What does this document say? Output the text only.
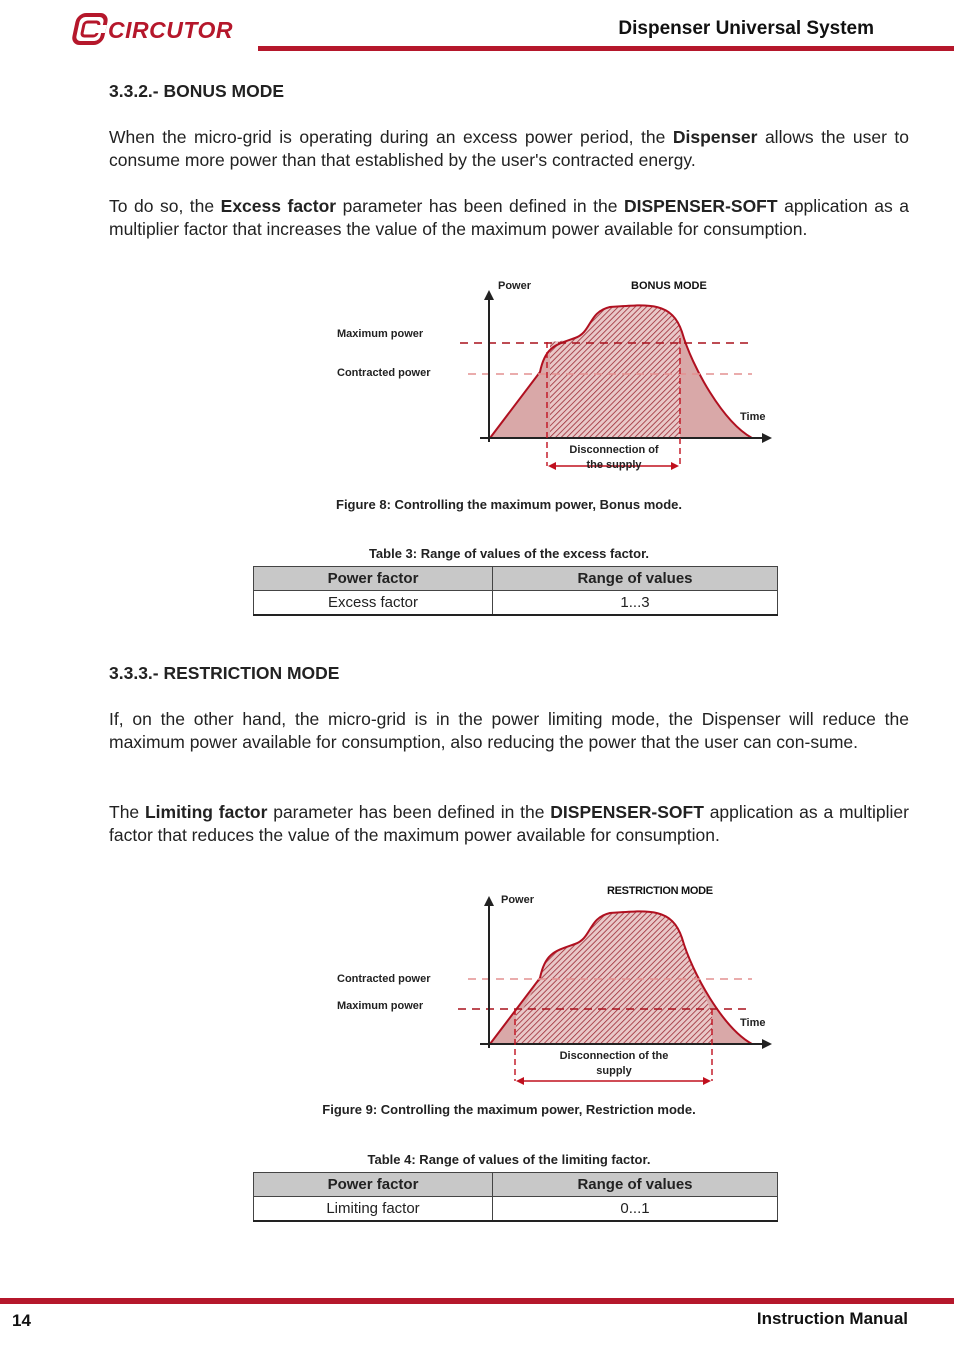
CIRCUTOR	Dispenser Universal System
3.3.2.- BONUS MODE

When the micro-grid is operating during an excess power period, the Dispenser allows the user to consume more power than that established by the user's contracted energy.

To do so, the Excess factor parameter has been defined in the DISPENSER-SOFT application as a multiplier factor that increases the value of the maximum power available for consumption.

Power	BONUS MODE
Maximum power
Contracted power
Time
Disconnection of
the supply
Figure 8: Controlling the maximum power, Bonus mode.
Table 3: Range of values of the excess factor.
Power factor	Range of values
Excess factor	1...3
3.3.3.- RESTRICTION MODE

If, on the other hand, the micro-grid is in the power limiting mode, the Dispenser will reduce the maximum power available for consumption, also reducing the power that the user can con-sume.

The Limiting factor parameter has been defined in the DISPENSER-SOFT application as a multiplier factor that reduces the value of the maximum power available for consumption.

Power
RESTRICTION MODE
Contracted power
Maximum power
Time
Disconnection of the
supply
Figure 9: Controlling the maximum power, Restriction mode.
Table 4: Range of values of the limiting factor.
Power factor	Range of values
Limiting factor	0...1
14	Instruction Manual
